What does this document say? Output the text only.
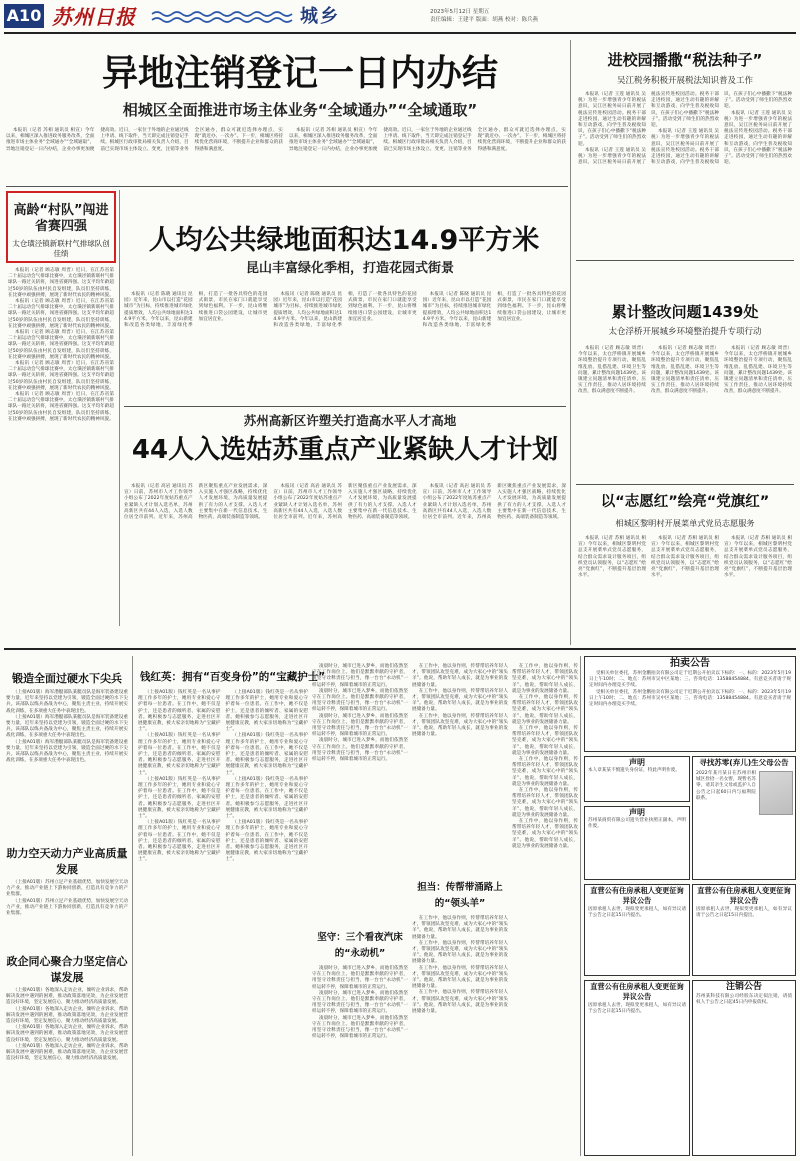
A10 苏州日报	城乡	2023年5月12日 星期五
责任编辑：王建平 版面：胡燕 校对：陈兵燕
异地注销登记一日内办结
相城区全面推进市场主体业务“全域通办”“全域通取”

本报讯（记者 苏相 通讯员 相宣）今年以来，相城区深入推进政务服务改革，全面推进市场主体业务“全域通办”“全域通取”，异地注销登记一日内办结，企业办事更加便捷高效。近日，一家位于外地的企业通过线上申请、线下取件，当天即完成注销登记手续。相城区行政审批局相关负责人介绍，目前已实现市场主体设立、变更、注销等业务全区通办，群众可就近选择办理点，实现“就近办、一次办”。下一步，相城区将持续优化营商环境，不断提升企业和群众的获得感和满意度。

本报讯（记者 苏相 通讯员 相宣）今年以来，相城区深入推进政务服务改革，全面推进市场主体业务“全域通办”“全域通取”，异地注销登记一日内办结，企业办事更加便捷高效。近日，一家位于外地的企业通过线上申请、线下取件，当天即完成注销登记手续。相城区行政审批局相关负责人介绍，目前已实现市场主体设立、变更、注销等业务全区通办，群众可就近选择办理点，实现“就近办、一次办”。下一步，相城区将持续优化营商环境，不断提升企业和群众的获得感和满意度。

高龄“村队”闯进省赛四强
太仓璜泾镇新联村气排球队创佳绩

本报讯（记者 顾志敏 周晋）近日，在江苏省第二十届运动会气排球比赛中，太仓璜泾镇新联村气排球队一路过关斩将，闯进省赛四强。这支平均年龄超过50岁的队伍由村民自发组建，队员们坚持训练，在比赛中顽强拼搏，展现了新时代农民的精神风貌。

本报讯（记者 顾志敏 周晋）近日，在江苏省第二十届运动会气排球比赛中，太仓璜泾镇新联村气排球队一路过关斩将，闯进省赛四强。这支平均年龄超过50岁的队伍由村民自发组建，队员们坚持训练，在比赛中顽强拼搏，展现了新时代农民的精神风貌。

本报讯（记者 顾志敏 周晋）近日，在江苏省第二十届运动会气排球比赛中，太仓璜泾镇新联村气排球队一路过关斩将，闯进省赛四强。这支平均年龄超过50岁的队伍由村民自发组建，队员们坚持训练，在比赛中顽强拼搏，展现了新时代农民的精神风貌。

本报讯（记者 顾志敏 周晋）近日，在江苏省第二十届运动会气排球比赛中，太仓璜泾镇新联村气排球队一路过关斩将，闯进省赛四强。这支平均年龄超过50岁的队伍由村民自发组建，队员们坚持训练，在比赛中顽强拼搏，展现了新时代农民的精神风貌。

本报讯（记者 顾志敏 周晋）近日，在江苏省第二十届运动会气排球比赛中，太仓璜泾镇新联村气排球队一路过关斩将，闯进省赛四强。这支平均年龄超过50岁的队伍由村民自发组建，队员们坚持训练，在比赛中顽强拼搏，展现了新时代农民的精神风貌。

人均公共绿地面积达14.9平方米
昆山丰富绿化季相，打造花园式街景

本报讯（记者 陈晓 通讯员 昆园）近年来，昆山市以打造“花园城市”为目标，持续推进城市绿化提质增效，人均公共绿地面积达14.9平方米。今年以来，昆山新建和改造各类绿地，丰富绿化季相，打造了一批各具特色的花园式街景，市民在家门口就能享受到绿色福利。下一步，昆山将继续推进口袋公园建设，让城市更加宜居宜业。

本报讯（记者 陈晓 通讯员 昆园）近年来，昆山市以打造“花园城市”为目标，持续推进城市绿化提质增效，人均公共绿地面积达14.9平方米。今年以来，昆山新建和改造各类绿地，丰富绿化季相，打造了一批各具特色的花园式街景，市民在家门口就能享受到绿色福利。下一步，昆山将继续推进口袋公园建设，让城市更加宜居宜业。

本报讯（记者 陈晓 通讯员 昆园）近年来，昆山市以打造“花园城市”为目标，持续推进城市绿化提质增效，人均公共绿地面积达14.9平方米。今年以来，昆山新建和改造各类绿地，丰富绿化季相，打造了一批各具特色的花园式街景，市民在家门口就能享受到绿色福利。下一步，昆山将继续推进口袋公园建设，让城市更加宜居宜业。

苏州高新区许塑关打造高水平人才高地
44人入选姑苏重点产业紧缺人才计划

本报讯（记者 高岩 通讯员 苏宣）日前，苏州市人才工作领导小组公布了2022年度姑苏重点产业紧缺人才计划入选名单，苏州高新区共有44人入选，入选人数位居全市前列。近年来，苏州高新区聚焦重点产业发展需求，深入实施人才强区战略，持续优化人才发展环境，为高质量发展提供了有力的人才支撑。入选人才主要集中在新一代信息技术、生物医药、高端装备制造等领域。

本报讯（记者 高岩 通讯员 苏宣）日前，苏州市人才工作领导小组公布了2022年度姑苏重点产业紧缺人才计划入选名单，苏州高新区共有44人入选，入选人数位居全市前列。近年来，苏州高新区聚焦重点产业发展需求，深入实施人才强区战略，持续优化人才发展环境，为高质量发展提供了有力的人才支撑。入选人才主要集中在新一代信息技术、生物医药、高端装备制造等领域。

本报讯（记者 高岩 通讯员 苏宣）日前，苏州市人才工作领导小组公布了2022年度姑苏重点产业紧缺人才计划入选名单，苏州高新区共有44人入选，入选人数位居全市前列。近年来，苏州高新区聚焦重点产业发展需求，深入实施人才强区战略，持续优化人才发展环境，为高质量发展提供了有力的人才支撑。入选人才主要集中在新一代信息技术、生物医药、高端装备制造等领域。

进校园播撒“税法种子”
吴江税务积极开展税法知识普及工作

本报讯（记者 王莲 通讯员 吴税）为进一步增强青少年的税法意识，吴江区税务局日前开展了税法宣传进校园活动。税务干部走进校园，通过生动有趣的讲解和互动游戏，向学生普及税收知识，在孩子们心中播撒下“税法种子”。活动受到了师生们的热烈欢迎。

本报讯（记者 王莲 通讯员 吴税）为进一步增强青少年的税法意识，吴江区税务局日前开展了税法宣传进校园活动。税务干部走进校园，通过生动有趣的讲解和互动游戏，向学生普及税收知识，在孩子们心中播撒下“税法种子”。活动受到了师生们的热烈欢迎。

本报讯（记者 王莲 通讯员 吴税）为进一步增强青少年的税法意识，吴江区税务局日前开展了税法宣传进校园活动。税务干部走进校园，通过生动有趣的讲解和互动游戏，向学生普及税收知识，在孩子们心中播撒下“税法种子”。活动受到了师生们的热烈欢迎。

本报讯（记者 王莲 通讯员 吴税）为进一步增强青少年的税法意识，吴江区税务局日前开展了税法宣传进校园活动。税务干部走进校园，通过生动有趣的讲解和互动游戏，向学生普及税收知识，在孩子们心中播撒下“税法种子”。活动受到了师生们的热烈欢迎。

累计整改问题1439处
太仓浮桥开展城乡环境整治提升专项行动

本报讯（记者 顾志敏 周晋）今年以来，太仓浮桥镇开展城乡环境整治提升专项行动，聚焦乱堆乱放、乱搭乱建、环境卫生等问题，累计整改问题1439处。该镇建立问题清单和责任清单，压实工作责任，推动人居环境持续改善，群众满意度不断提升。

本报讯（记者 顾志敏 周晋）今年以来，太仓浮桥镇开展城乡环境整治提升专项行动，聚焦乱堆乱放、乱搭乱建、环境卫生等问题，累计整改问题1439处。该镇建立问题清单和责任清单，压实工作责任，推动人居环境持续改善，群众满意度不断提升。

本报讯（记者 顾志敏 周晋）今年以来，太仓浮桥镇开展城乡环境整治提升专项行动，聚焦乱堆乱放、乱搭乱建、环境卫生等问题，累计整改问题1439处。该镇建立问题清单和责任清单，压实工作责任，推动人居环境持续改善，群众满意度不断提升。

以“志愿红”绘亮“党旗红”
相城区黎明村开展菜单式党员志愿服务

本报讯（记者 苏相 通讯员 相宣）今年以来，相城区黎明村党总支开展菜单式党员志愿服务，结合群众需求设计服务项目，组织党员认领服务，以“志愿红”绘亮“党旗红”，不断提升基层治理水平。

本报讯（记者 苏相 通讯员 相宣）今年以来，相城区黎明村党总支开展菜单式党员志愿服务，结合群众需求设计服务项目，组织党员认领服务，以“志愿红”绘亮“党旗红”，不断提升基层治理水平。

本报讯（记者 苏相 通讯员 相宣）今年以来，相城区黎明村党总支开展菜单式党员志愿服务，结合群众需求设计服务项目，组织党员认领服务，以“志愿红”绘亮“党旗红”，不断提升基层治理水平。

锻造全面过硬水下尖兵

（上接A01版）海军潜艇部队某艇员队是海军装备建设重要力量，近年来坚持以党建为引领，锻造全面过硬的水下尖兵。该部队以练兵备战为中心，聚焦主责主业，持续开展实战化训练，在多项重大任务中表现出色。

（上接A01版）海军潜艇部队某艇员队是海军装备建设重要力量，近年来坚持以党建为引领，锻造全面过硬的水下尖兵。该部队以练兵备战为中心，聚焦主责主业，持续开展实战化训练，在多项重大任务中表现出色。

（上接A01版）海军潜艇部队某艇员队是海军装备建设重要力量，近年来坚持以党建为引领，锻造全面过硬的水下尖兵。该部队以练兵备战为中心，聚焦主责主业，持续开展实战化训练，在多项重大任务中表现出色。

助力空天动力产业高质量发展

（上接A01版）苏州立足产业基础优势，加快发展空天动力产业，推动产业链上下游协同创新，打造具有竞争力的产业集群。

（上接A01版）苏州立足产业基础优势，加快发展空天动力产业，推动产业链上下游协同创新，打造具有竞争力的产业集群。

政企同心聚合力坚定信心谋发展

（上接A01版）各地深入走访企业，倾听企业诉求，帮助解决发展中遇到的困难，推动政策落地见效，为企业发展营造良好环境，坚定发展信心，聚力推动经济高质量发展。

（上接A01版）各地深入走访企业，倾听企业诉求，帮助解决发展中遇到的困难，推动政策落地见效，为企业发展营造良好环境，坚定发展信心，聚力推动经济高质量发展。

（上接A01版）各地深入走访企业，倾听企业诉求，帮助解决发展中遇到的困难，推动政策落地见效，为企业发展营造良好环境，坚定发展信心，聚力推动经济高质量发展。

（上接A01版）各地深入走访企业，倾听企业诉求，帮助解决发展中遇到的困难，推动政策落地见效，为企业发展营造良好环境，坚定发展信心，聚力推动经济高质量发展。

钱红英：拥有“百变身份”的“宝藏护士”

（上接A01版）钱红英是一名从事护理工作多年的护士，她用专业和爱心守护着每一位患者。在工作中，她不仅是护士，还是患者的倾听者、家属的安慰者。她积极参与志愿服务，走进社区开展健康宣教，被大家亲切地称为“宝藏护士”。

（上接A01版）钱红英是一名从事护理工作多年的护士，她用专业和爱心守护着每一位患者。在工作中，她不仅是护士，还是患者的倾听者、家属的安慰者。她积极参与志愿服务，走进社区开展健康宣教，被大家亲切地称为“宝藏护士”。

（上接A01版）钱红英是一名从事护理工作多年的护士，她用专业和爱心守护着每一位患者。在工作中，她不仅是护士，还是患者的倾听者、家属的安慰者。她积极参与志愿服务，走进社区开展健康宣教，被大家亲切地称为“宝藏护士”。

（上接A01版）钱红英是一名从事护理工作多年的护士，她用专业和爱心守护着每一位患者。在工作中，她不仅是护士，还是患者的倾听者、家属的安慰者。她积极参与志愿服务，走进社区开展健康宣教，被大家亲切地称为“宝藏护士”。

（上接A01版）钱红英是一名从事护理工作多年的护士，她用专业和爱心守护着每一位患者。在工作中，她不仅是护士，还是患者的倾听者、家属的安慰者。她积极参与志愿服务，走进社区开展健康宣教，被大家亲切地称为“宝藏护士”。

（上接A01版）钱红英是一名从事护理工作多年的护士，她用专业和爱心守护着每一位患者。在工作中，她不仅是护士，还是患者的倾听者、家属的安慰者。她积极参与志愿服务，走进社区开展健康宣教，被大家亲切地称为“宝藏护士”。

（上接A01版）钱红英是一名从事护理工作多年的护士，她用专业和爱心守护着每一位患者。在工作中，她不仅是护士，还是患者的倾听者、家属的安慰者。她积极参与志愿服务，走进社区开展健康宣教，被大家亲切地称为“宝藏护士”。

（上接A01版）钱红英是一名从事护理工作多年的护士，她用专业和爱心守护着每一位患者。在工作中，她不仅是护士，还是患者的倾听者、家属的安慰者。她积极参与志愿服务，走进社区开展健康宣教，被大家亲切地称为“宝藏护士”。

坚守：三个看夜汽床的“永动机”

凌晨时分，城市已进入梦乡，而他们依然坚守在工作岗位上。他们是默默奉献的守护者，用坚守诠释责任与担当，像一台台“永动机”一样运转不停，保障着城市的正常运行。

凌晨时分，城市已进入梦乡，而他们依然坚守在工作岗位上。他们是默默奉献的守护者，用坚守诠释责任与担当，像一台台“永动机”一样运转不停，保障着城市的正常运行。

凌晨时分，城市已进入梦乡，而他们依然坚守在工作岗位上。他们是默默奉献的守护者，用坚守诠释责任与担当，像一台台“永动机”一样运转不停，保障着城市的正常运行。

凌晨时分，城市已进入梦乡，而他们依然坚守在工作岗位上。他们是默默奉献的守护者，用坚守诠释责任与担当，像一台台“永动机”一样运转不停，保障着城市的正常运行。

凌晨时分，城市已进入梦乡，而他们依然坚守在工作岗位上。他们是默默奉献的守护者，用坚守诠释责任与担当，像一台台“永动机”一样运转不停，保障着城市的正常运行。

凌晨时分，城市已进入梦乡，而他们依然坚守在工作岗位上。他们是默默奉献的守护者，用坚守诠释责任与担当，像一台台“永动机”一样运转不停，保障着城市的正常运行。

凌晨时分，城市已进入梦乡，而他们依然坚守在工作岗位上。他们是默默奉献的守护者，用坚守诠释责任与担当，像一台台“永动机”一样运转不停，保障着城市的正常运行。

担当：传帮带涌路上的“领头羊”

在工作中，他以身作则，传帮带培养年轻人才，带领团队攻坚克难，成为大家心中的“领头羊”。他说，帮助年轻人成长，就是为事业的发展储备力量。

在工作中，他以身作则，传帮带培养年轻人才，带领团队攻坚克难，成为大家心中的“领头羊”。他说，帮助年轻人成长，就是为事业的发展储备力量。

在工作中，他以身作则，传帮带培养年轻人才，带领团队攻坚克难，成为大家心中的“领头羊”。他说，帮助年轻人成长，就是为事业的发展储备力量。

在工作中，他以身作则，传帮带培养年轻人才，带领团队攻坚克难，成为大家心中的“领头羊”。他说，帮助年轻人成长，就是为事业的发展储备力量。

在工作中，他以身作则，传帮带培养年轻人才，带领团队攻坚克难，成为大家心中的“领头羊”。他说，帮助年轻人成长，就是为事业的发展储备力量。

在工作中，他以身作则，传帮带培养年轻人才，带领团队攻坚克难，成为大家心中的“领头羊”。他说，帮助年轻人成长，就是为事业的发展储备力量。

在工作中，他以身作则，传帮带培养年轻人才，带领团队攻坚克难，成为大家心中的“领头羊”。他说，帮助年轻人成长，就是为事业的发展储备力量。

在工作中，他以身作则，传帮带培养年轻人才，带领团队攻坚克难，成为大家心中的“领头羊”。他说，帮助年轻人成长，就是为事业的发展储备力量。

在工作中，他以身作则，传帮带培养年轻人才，带领团队攻坚克难，成为大家心中的“领头羊”。他说，帮助年轻人成长，就是为事业的发展储备力量。

在工作中，他以身作则，传帮带培养年轻人才，带领团队攻坚克难，成为大家心中的“领头羊”。他说，帮助年轻人成长，就是为事业的发展储备力量。

在工作中，他以身作则，传帮带培养年轻人才，带领团队攻坚克难，成为大家心中的“领头羊”。他说，帮助年轻人成长，就是为事业的发展储备力量。

在工作中，他以身作则，传帮带培养年轻人才，带领团队攻坚克难，成为大家心中的“领头羊”。他说，帮助年轻人成长，就是为事业的发展储备力量。

在工作中，他以身作则，传帮带培养年轻人才，带领团队攻坚克难，成为大家心中的“领头羊”。他说，帮助年轻人成长，就是为事业的发展储备力量。

拍卖公告

受相关单位委托，苏州金鹏拍卖有限公司定于近期公开拍卖以下标的：一、标的：2023年5月19日上午10时；二、地点：苏州市吴中区某地；三、咨询电话：13588454884。有意竞买者请于规定时间内办理竞买手续。

受相关单位委托，苏州金鹏拍卖有限公司定于近期公开拍卖以下标的：一、标的：2023年5月19日上午10时；二、地点：苏州市吴中区某地；三、咨询电话：13588454884。有意竞买者请于规定时间内办理竞买手续。

声明
本人章某某不慎遗失身份证，特此声明作废。
声明
苏州某商贸有限公司遗失营业执照正副本，声明作废。
寻找苏零(弃儿)生父母公告
2022年某月某日在苏州市相城区捡拾一名女婴，现暂名苏零，请其亲生父母或监护人自公告之日起60日内与福利院联系。
直营公有住房承租人变更征询异议公告
因原承租人去世，现拟变更承租人，如有异议请于公告之日起15日内提出。
直营公有住房承租人变更征询异议公告
因原承租人去世，现拟变更承租人，如有异议请于公告之日起15日内提出。
直营公有住房承租人变更征询异议公告
因原承租人去世，现拟变更承租人，如有异议请于公告之日起15日内提出。
注销公告
苏州某科技有限公司经股东决定拟注销，请债权人于公告之日起45日内申报债权。
